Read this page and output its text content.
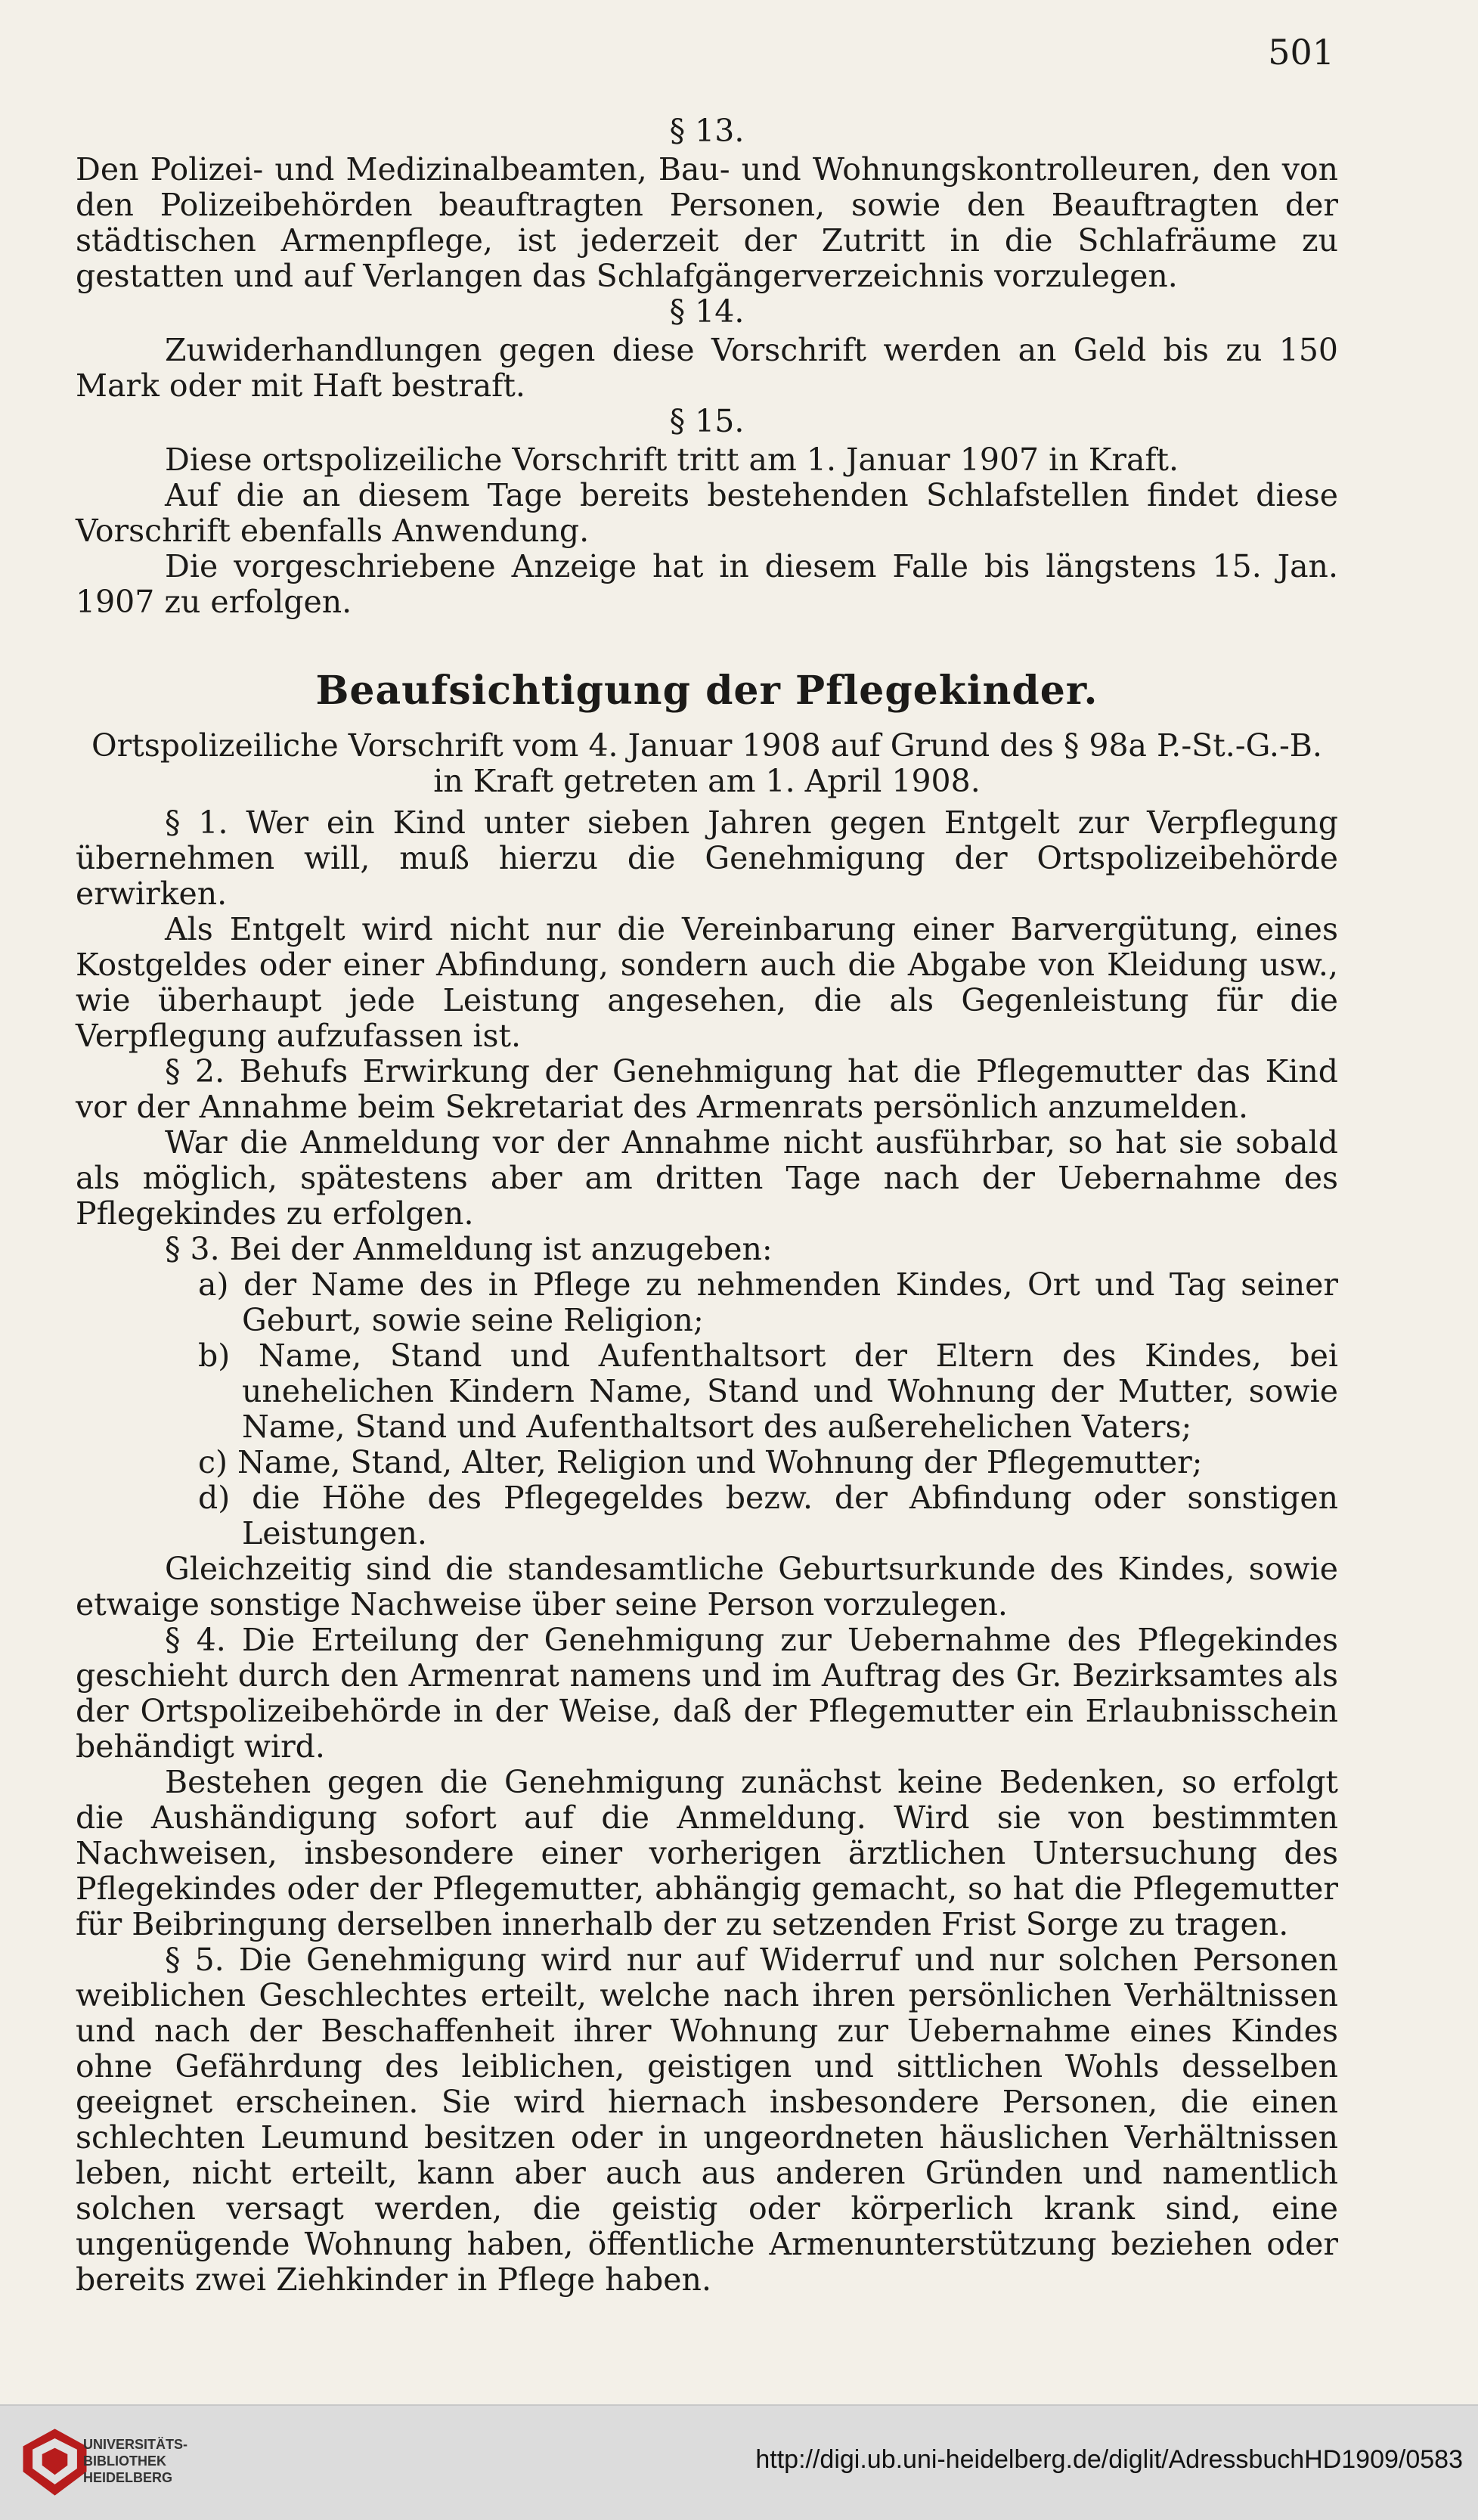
501
§ 13.
Den Polizei- und Medizinalbeamten, Bau- und Wohnungskontrolleuren, den von den Polizeibehörden beauftragten Personen, sowie den Beauftragten der städtischen Armenpflege, ist jederzeit der Zutritt in die Schlafräume zu gestatten und auf Verlangen das Schlafgängerverzeichnis vorzulegen.
§ 14.
Zuwiderhandlungen gegen diese Vorschrift werden an Geld bis zu 150 Mark oder mit Haft bestraft.
§ 15.
Diese ortspolizeiliche Vorschrift tritt am 1. Januar 1907 in Kraft.
Auf die an diesem Tage bereits bestehenden Schlafstellen findet diese Vorschrift ebenfalls Anwendung.
Die vorgeschriebene Anzeige hat in diesem Falle bis längstens 15. Jan. 1907 zu erfolgen.
Beaufsichtigung der Pflegekinder.
Ortspolizeiliche Vorschrift vom 4. Januar 1908 auf Grund des § 98a P.-St.-G.-B. in Kraft getreten am 1. April 1908.
§ 1. Wer ein Kind unter sieben Jahren gegen Entgelt zur Verpflegung übernehmen will, muß hierzu die Genehmigung der Ortspolizeibehörde erwirken.
Als Entgelt wird nicht nur die Vereinbarung einer Barvergütung, eines Kostgeldes oder einer Abfindung, sondern auch die Abgabe von Kleidung usw., wie überhaupt jede Leistung angesehen, die als Gegenleistung für die Verpflegung aufzufassen ist.
§ 2. Behufs Erwirkung der Genehmigung hat die Pflegemutter das Kind vor der Annahme beim Sekretariat des Armenrats persönlich anzumelden.
War die Anmeldung vor der Annahme nicht ausführbar, so hat sie sobald als möglich, spätestens aber am dritten Tage nach der Uebernahme des Pflegekindes zu erfolgen.
§ 3. Bei der Anmeldung ist anzugeben:
a) der Name des in Pflege zu nehmenden Kindes, Ort und Tag seiner Geburt, sowie seine Religion;
b) Name, Stand und Aufenthaltsort der Eltern des Kindes, bei unehelichen Kindern Name, Stand und Wohnung der Mutter, sowie Name, Stand und Aufenthaltsort des außerehelichen Vaters;
c) Name, Stand, Alter, Religion und Wohnung der Pflegemutter;
d) die Höhe des Pflegegeldes bezw. der Abfindung oder sonstigen Leistungen.
Gleichzeitig sind die standesamtliche Geburtsurkunde des Kindes, sowie etwaige sonstige Nachweise über seine Person vorzulegen.
§ 4. Die Erteilung der Genehmigung zur Uebernahme des Pflegekindes geschieht durch den Armenrat namens und im Auftrag des Gr. Bezirksamtes als der Ortspolizeibehörde in der Weise, daß der Pflegemutter ein Erlaubnisschein behändigt wird.
Bestehen gegen die Genehmigung zunächst keine Bedenken, so erfolgt die Aushändigung sofort auf die Anmeldung. Wird sie von bestimmten Nachweisen, insbesondere einer vorherigen ärztlichen Untersuchung des Pflegekindes oder der Pflegemutter, abhängig gemacht, so hat die Pflegemutter für Beibringung derselben innerhalb der zu setzenden Frist Sorge zu tragen.
§ 5. Die Genehmigung wird nur auf Widerruf und nur solchen Personen weiblichen Geschlechtes erteilt, welche nach ihren persönlichen Verhältnissen und nach der Beschaffenheit ihrer Wohnung zur Uebernahme eines Kindes ohne Gefährdung des leiblichen, geistigen und sittlichen Wohls desselben geeignet erscheinen. Sie wird hiernach insbesondere Personen, die einen schlechten Leumund besitzen oder in ungeordneten häuslichen Verhältnissen leben, nicht erteilt, kann aber auch aus anderen Gründen und namentlich solchen versagt werden, die geistig oder körperlich krank sind, eine ungenügende Wohnung haben, öffentliche Armenunterstützung beziehen oder bereits zwei Ziehkinder in Pflege haben.
UNIVERSITÄTS-
BIBLIOTHEK
HEIDELBERG
http://digi.ub.uni-heidelberg.de/diglit/AdressbuchHD1909/0583
